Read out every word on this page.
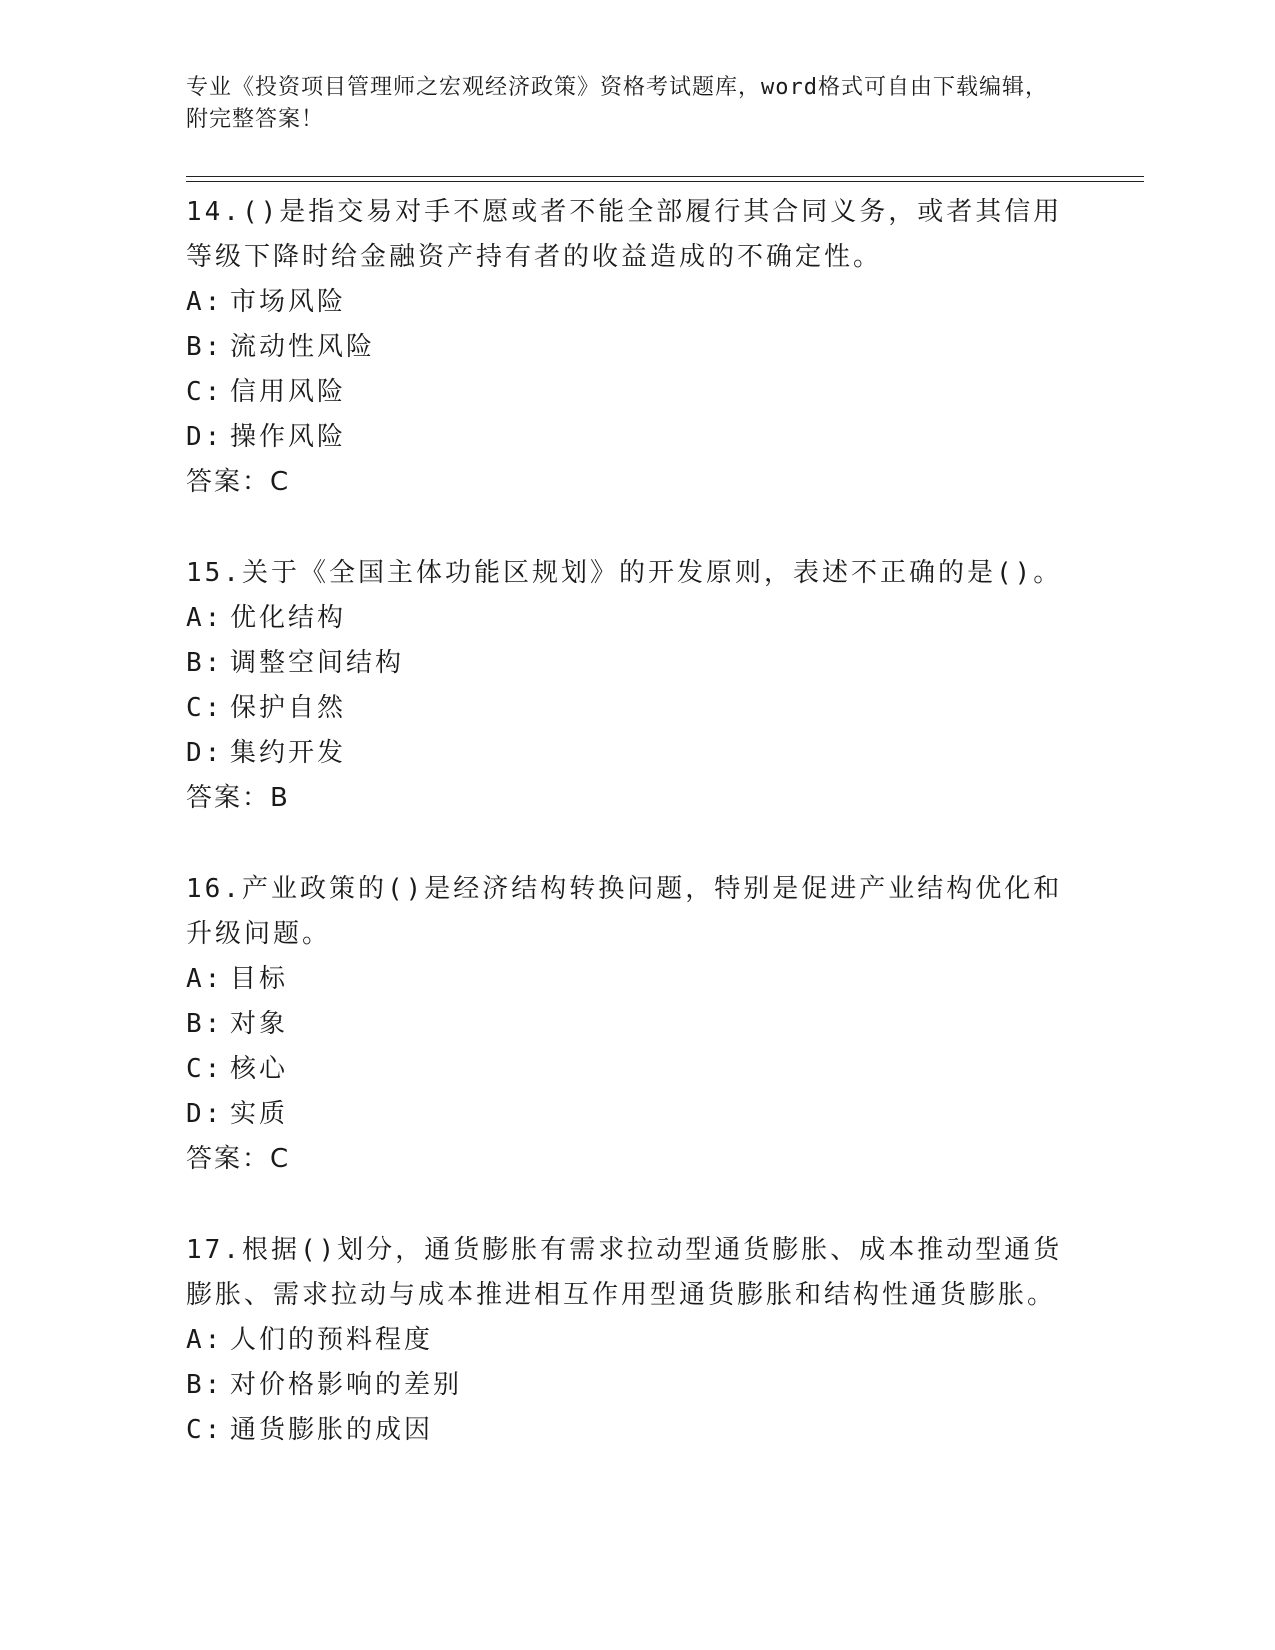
专业《投资项目管理师之宏观经济政策》资格考试题库，word格式可自由下载编辑，附完整答案！
14.()是指交易对手不愿或者不能全部履行其合同义务，或者其信用等级下降时给金融资产持有者的收益造成的不确定性。
A: 市场风险
B: 流动性风险
C: 信用风险
D: 操作风险
答案：C
15.关于《全国主体功能区规划》的开发原则，表述不正确的是()。
A: 优化结构
B: 调整空间结构
C: 保护自然
D: 集约开发
答案：B
16.产业政策的()是经济结构转换问题，特别是促进产业结构优化和升级问题。
A: 目标
B: 对象
C: 核心
D: 实质
答案：C
17.根据()划分，通货膨胀有需求拉动型通货膨胀、成本推动型通货膨胀、需求拉动与成本推进相互作用型通货膨胀和结构性通货膨胀。
A: 人们的预料程度
B: 对价格影响的差别
C: 通货膨胀的成因
